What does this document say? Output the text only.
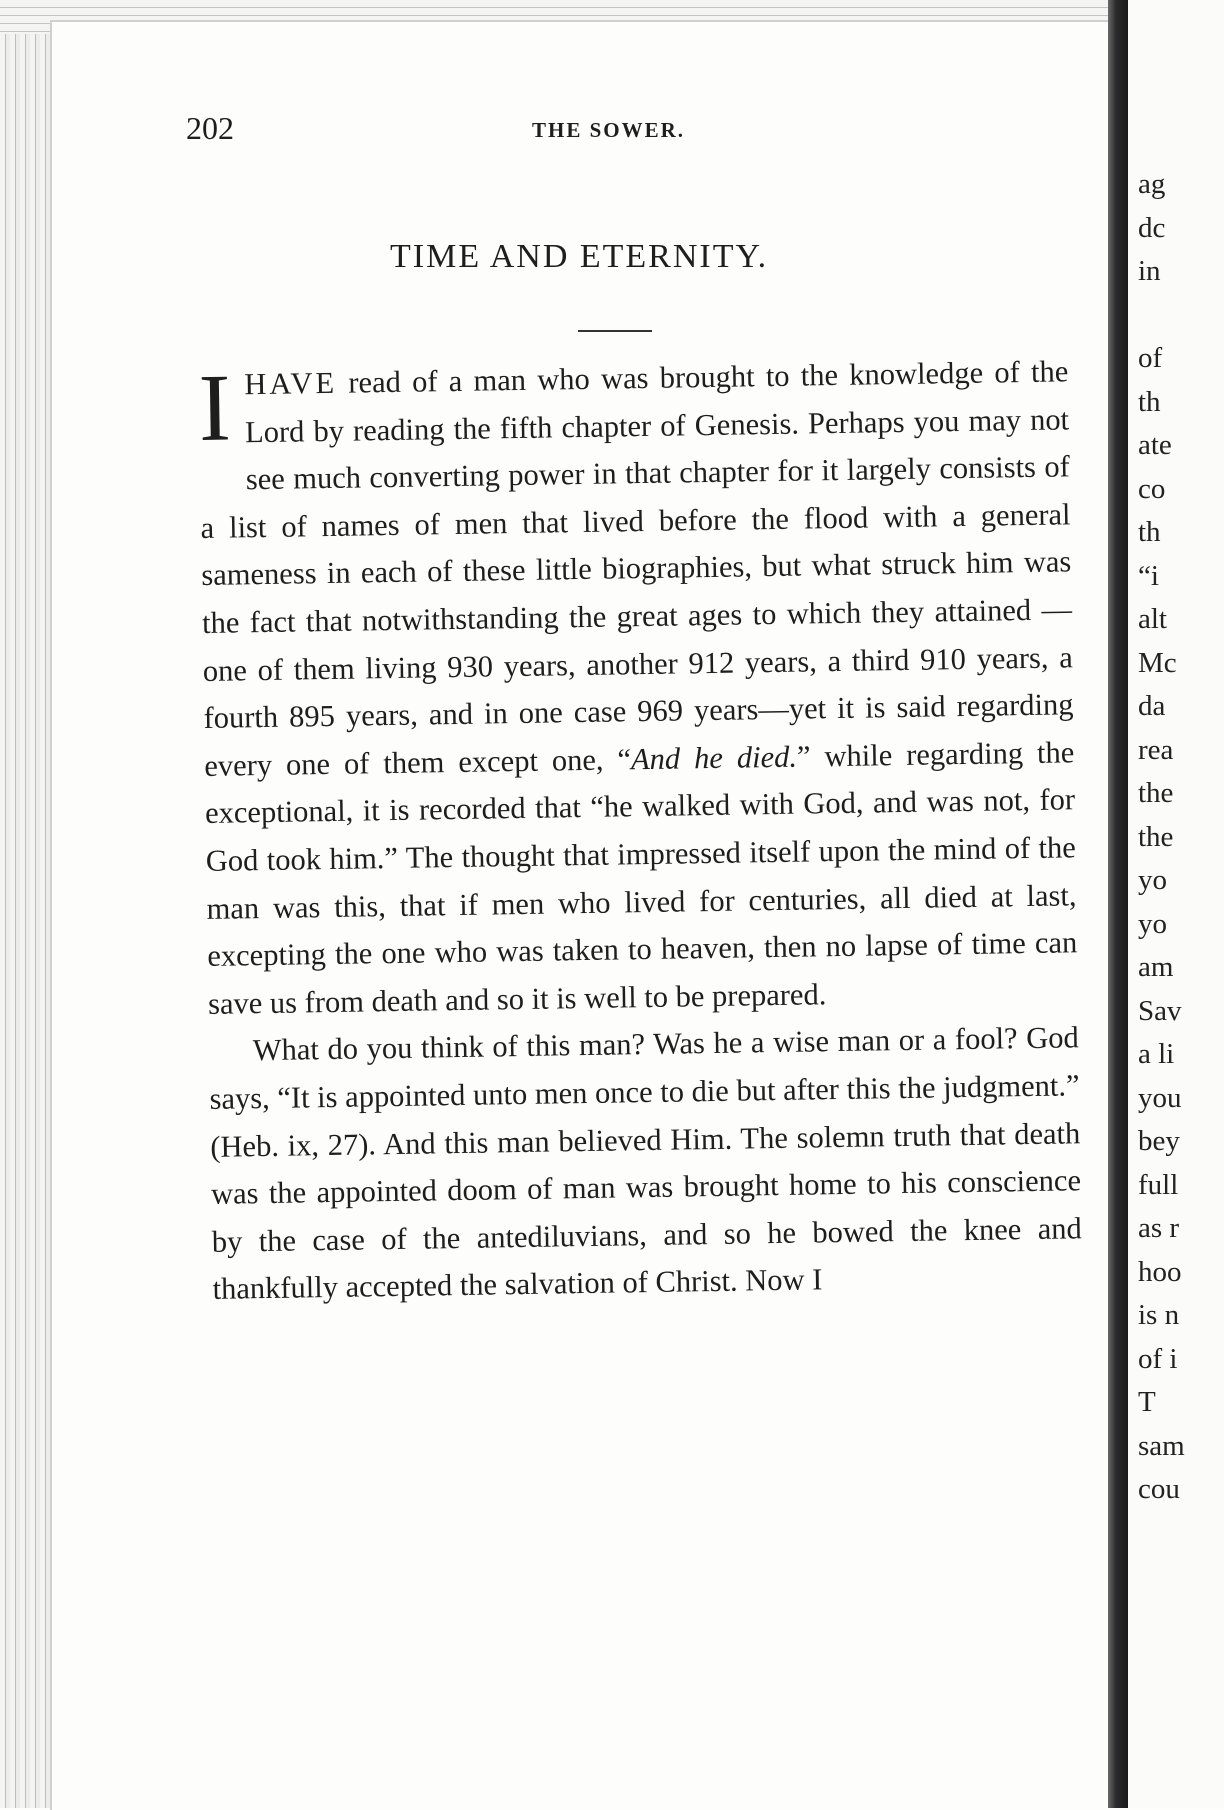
202	THE SOWER.
TIME AND ETERNITY.

IHAVE read of a man who was brought to the knowledge of the Lord by reading the fifth chapter of Genesis. Perhaps you may not see much converting power in that chapter for it largely consists of a list of names of men that lived before the flood with a general sameness in each of these little biographies, but what struck him was the fact that notwithstanding the great ages to which they attained —one of them living 930 years, another 912 years, a third 910 years, a fourth 895 years, and in one case 969 years—yet it is said regarding every one of them except one, “And he died.” while regarding the exceptional, it is recorded that “he walked with God, and was not, for God took him.” The thought that impressed itself upon the mind of the man was this, that if men who lived for centuries, all died at last, excepting the one who was taken to heaven, then no lapse of time can save us from death and so it is well to be prepared.

What do you think of this man? Was he a wise man or a fool? God says, “It is appointed unto men once to die but after this the judgment.” (Heb. ix, 27). And this man believed Him. The solemn truth that death was the appointed doom of man was brought home to his conscience by the case of the antediluvians, and so he bowed the knee and thankfully accepted the salvation of Christ. Now I

ag
dc
in
of
th
ate
co
th
“i
alt
Mc
da
rea
the
the
yo
yo
am
Sav
a li
you
bey
full
as r
hoo
is n
of i
T
sam
cou
